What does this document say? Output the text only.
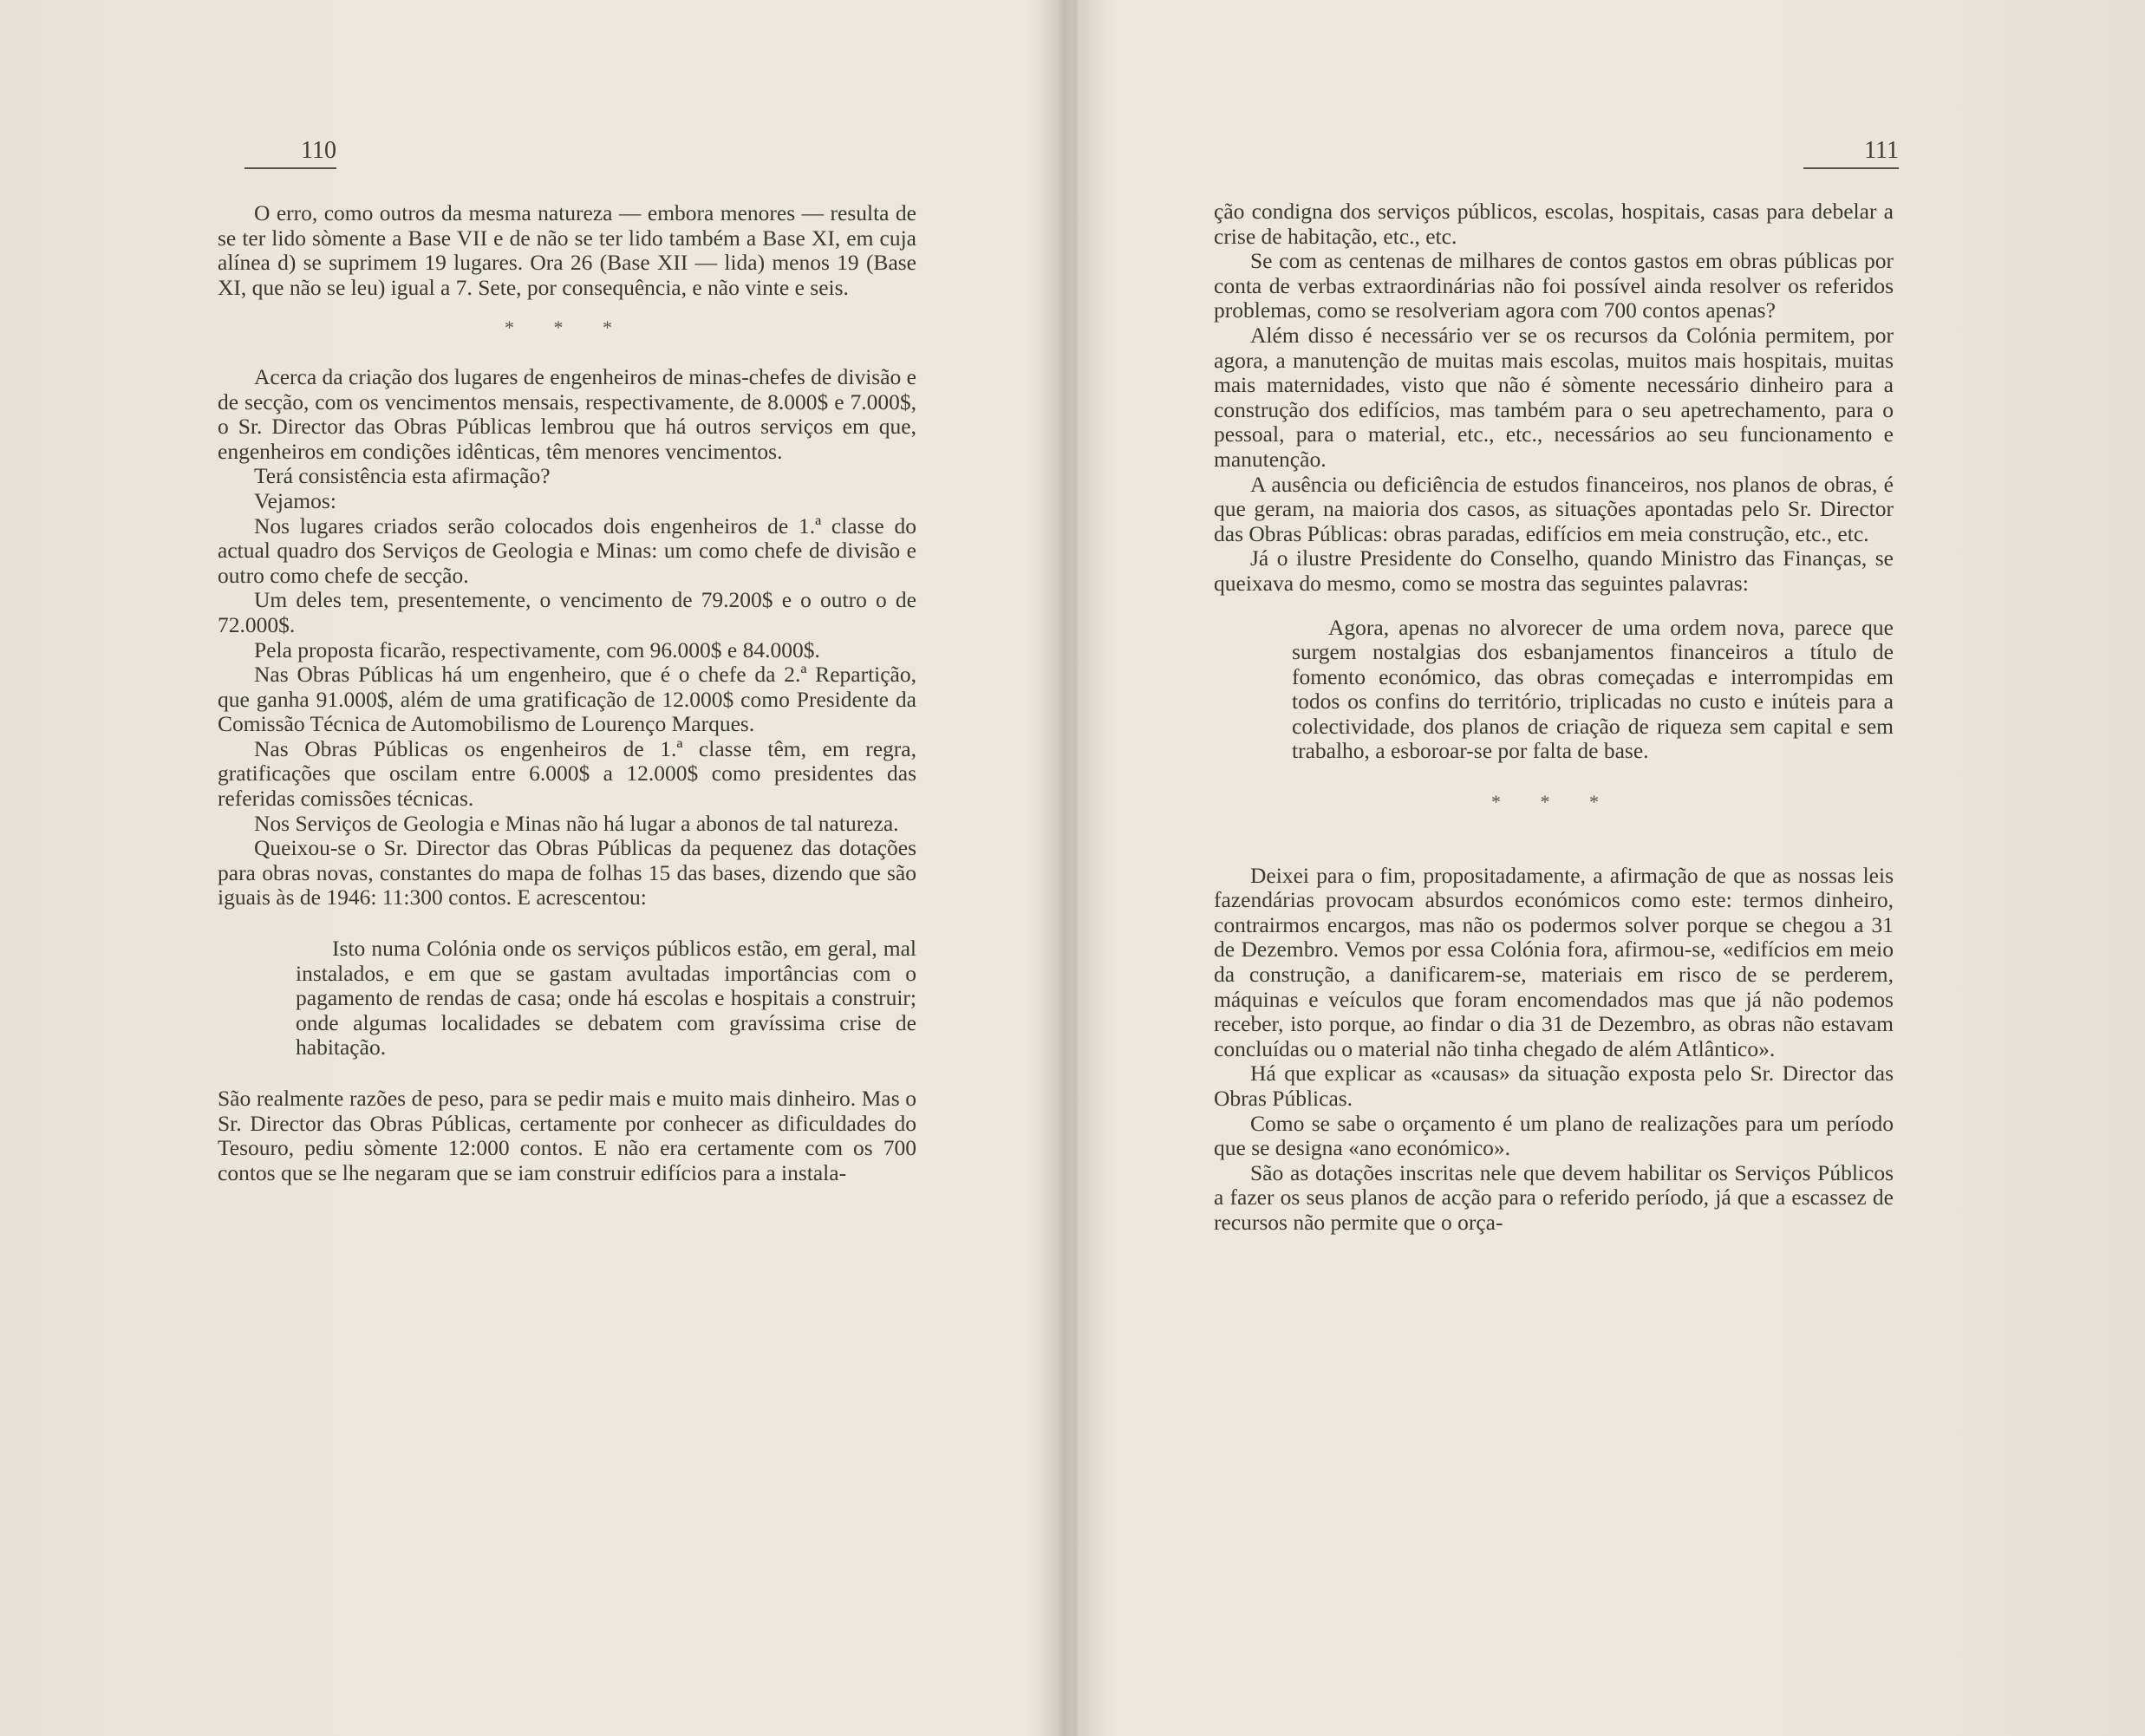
110

O erro, como outros da mesma natureza — embora menores — resulta de se ter lido sòmente a Base VII e de não se ter lido também a Base XI, em cuja alínea d) se suprimem 19 lugares. Ora 26 (Base XII — lida) menos 19 (Base XI, que não se leu) igual a 7. Sete, por consequência, e não vinte e seis.

* * *

Acerca da criação dos lugares de engenheiros de minas-chefes de divisão e de secção, com os vencimentos mensais, respectivamente, de 8.000$ e 7.000$, o Sr. Director das Obras Públicas lembrou que há outros serviços em que, engenheiros em condições idênticas, têm menores vencimentos.

Terá consistência esta afirmação?

Vejamos:

Nos lugares criados serão colocados dois engenheiros de 1.ª classe do actual quadro dos Serviços de Geologia e Minas: um como chefe de divisão e outro como chefe de secção.

Um deles tem, presentemente, o vencimento de 79.200$ e o outro o de 72.000$.

Pela proposta ficarão, respectivamente, com 96.000$ e 84.000$.

Nas Obras Públicas há um engenheiro, que é o chefe da 2.ª Repartição, que ganha 91.000$, além de uma gratificação de 12.000$ como Presidente da Comissão Técnica de Automobilismo de Lourenço Marques.

Nas Obras Públicas os engenheiros de 1.ª classe têm, em regra, gratificações que oscilam entre 6.000$ a 12.000$ como presidentes das referidas comissões técnicas.

Nos Serviços de Geologia e Minas não há lugar a abonos de tal natureza.

Queixou-se o Sr. Director das Obras Públicas da pequenez das dotações para obras novas, constantes do mapa de folhas 15 das bases, dizendo que são iguais às de 1946: 11:300 contos. E acrescentou:

Isto numa Colónia onde os serviços públicos estão, em geral, mal instalados, e em que se gastam avultadas importâncias com o pagamento de rendas de casa; onde há escolas e hospitais a construir; onde algumas localidades se debatem com gravíssima crise de habitação.

São realmente razões de peso, para se pedir mais e muito mais dinheiro. Mas o Sr. Director das Obras Públicas, certamente por conhecer as dificuldades do Tesouro, pediu sòmente 12:000 contos. E não era certamente com os 700 contos que se lhe negaram que se iam construir edifícios para a instala-

111

ção condigna dos serviços públicos, escolas, hospitais, casas para debelar a crise de habitação, etc., etc.

Se com as centenas de milhares de contos gastos em obras públicas por conta de verbas extraordinárias não foi possível ainda resolver os referidos problemas, como se resolveriam agora com 700 contos apenas?

Além disso é necessário ver se os recursos da Colónia permitem, por agora, a manutenção de muitas mais escolas, muitos mais hospitais, muitas mais maternidades, visto que não é sòmente necessário dinheiro para a construção dos edifícios, mas também para o seu apetrechamento, para o pessoal, para o material, etc., etc., necessários ao seu funcionamento e manutenção.

A ausência ou deficiência de estudos financeiros, nos planos de obras, é que geram, na maioria dos casos, as situações apontadas pelo Sr. Director das Obras Públicas: obras paradas, edifícios em meia construção, etc., etc.

Já o ilustre Presidente do Conselho, quando Ministro das Finanças, se queixava do mesmo, como se mostra das seguintes palavras:

Agora, apenas no alvorecer de uma ordem nova, parece que surgem nostalgias dos esbanjamentos financeiros a título de fomento económico, das obras começadas e interrompidas em todos os confins do território, triplicadas no custo e inúteis para a colectividade, dos planos de criação de riqueza sem capital e sem trabalho, a esboroar-se por falta de base.

* * *

Deixei para o fim, propositadamente, a afirmação de que as nossas leis fazendárias provocam absurdos económicos como este: termos dinheiro, contrairmos encargos, mas não os podermos solver porque se chegou a 31 de Dezembro. Vemos por essa Colónia fora, afirmou-se, «edifícios em meio da construção, a danificarem-se, materiais em risco de se perderem, máquinas e veículos que foram encomendados mas que já não podemos receber, isto porque, ao findar o dia 31 de Dezembro, as obras não estavam concluídas ou o material não tinha chegado de além Atlântico».

Há que explicar as «causas» da situação exposta pelo Sr. Director das Obras Públicas.

Como se sabe o orçamento é um plano de realizações para um período que se designa «ano económico».

São as dotações inscritas nele que devem habilitar os Serviços Públicos a fazer os seus planos de acção para o referido período, já que a escassez de recursos não permite que o orça-
